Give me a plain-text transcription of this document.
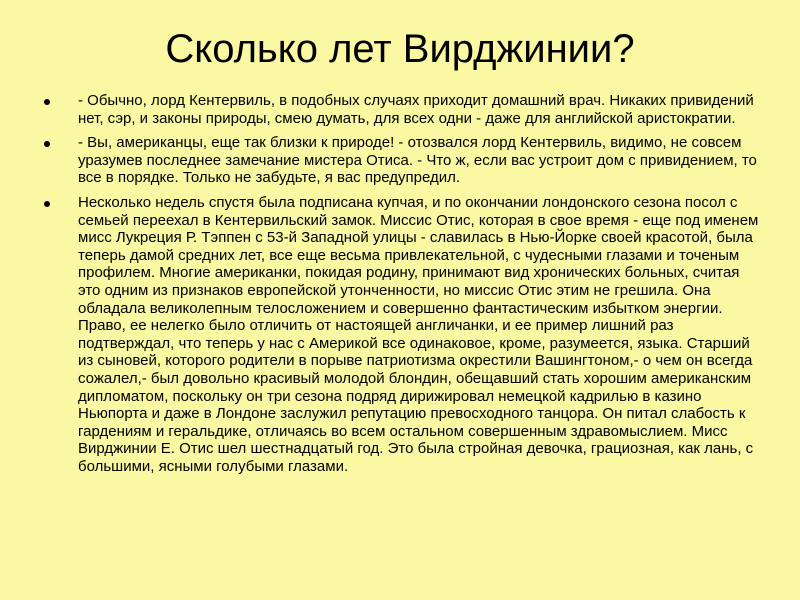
Сколько лет Вирджинии?
- Обычно, лорд Кентервиль, в подобных случаях приходит домашний врач. Никаких привидений нет, сэр, и законы природы, смею думать, для всех одни - даже для английской аристократии.
- Вы, американцы, еще так близки к природе! - отозвался лорд Кентервиль, видимо, не совсем уразумев последнее замечание мистера Отиса. - Что ж, если вас устроит дом с привидением, то все в порядке. Только не забудьте, я вас предупредил.
Несколько недель спустя была подписана купчая, и по окончании лондонского сезона посол с семьей переехал в Кентервильский замок. Миссис Отис, которая в свое время - еще под именем мисс Лукреция Р. Тэппен с 53-й Западной улицы - славилась в Нью-Йорке своей красотой, была теперь дамой средних лет, все еще весьма привлекательной, с чудесными глазами и точеным профилем. Многие американки, покидая родину, принимают вид хронических больных, считая это одним из признаков европейской утонченности, но миссис Отис этим не грешила. Она обладала великолепным телосложением и совершенно фантастическим избытком энергии. Право, ее нелегко было отличить от настоящей англичанки, и ее пример лишний раз подтверждал, что теперь у нас с Америкой все одинаковое, кроме, разумеется, языка. Старший из сыновей, которого родители в порыве патриотизма окрестили Вашингтоном,- о чем он всегда сожалел,- был довольно красивый молодой блондин, обещавший стать хорошим американским дипломатом, поскольку он три сезона подряд дирижировал немецкой кадрилью в казино Ньюпорта и даже в Лондоне заслужил репутацию превосходного танцора. Он питал слабость к гардениям и геральдике, отличаясь во всем остальном совершенным здравомыслием. Мисс Вирджинии Е. Отис шел шестнадцатый год. Это была стройная девочка, грациозная, как лань, с большими, ясными голубыми глазами.
